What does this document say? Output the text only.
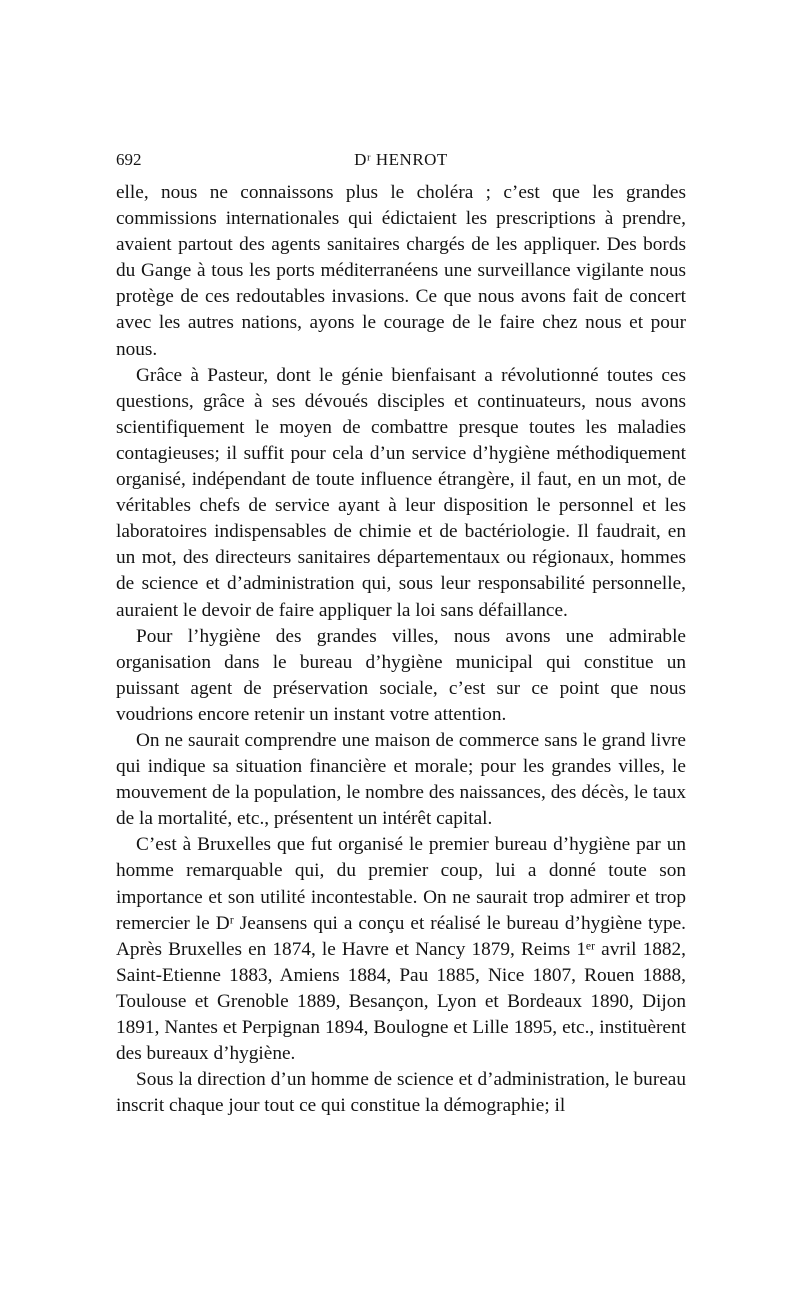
692	Dʳ HENROT

elle, nous ne connaissons plus le choléra ; c’est que les grandes commissions internationales qui édictaient les prescriptions à prendre, avaient partout des agents sanitaires chargés de les appliquer. Des bords du Gange à tous les ports méditerranéens une surveillance vigilante nous protège de ces redoutables invasions. Ce que nous avons fait de concert avec les autres nations, ayons le courage de le faire chez nous et pour nous.

Grâce à Pasteur, dont le génie bienfaisant a révolutionné toutes ces questions, grâce à ses dévoués disciples et continuateurs, nous avons scientifiquement le moyen de combattre presque toutes les maladies contagieuses; il suffit pour cela d’un service d’hygiène méthodiquement organisé, indépendant de toute influence étrangère, il faut, en un mot, de véritables chefs de service ayant à leur disposition le personnel et les laboratoires indispensables de chimie et de bactériologie. Il faudrait, en un mot, des directeurs sanitaires départementaux ou régionaux, hommes de science et d’administration qui, sous leur responsabilité personnelle, auraient le devoir de faire appliquer la loi sans défaillance.

Pour l’hygiène des grandes villes, nous avons une admirable organisation dans le bureau d’hygiène municipal qui constitue un puissant agent de préservation sociale, c’est sur ce point que nous voudrions encore retenir un instant votre attention.

On ne saurait comprendre une maison de commerce sans le grand livre qui indique sa situation financière et morale; pour les grandes villes, le mouvement de la population, le nombre des naissances, des décès, le taux de la mortalité, etc., présentent un intérêt capital.

C’est à Bruxelles que fut organisé le premier bureau d’hygiène par un homme remarquable qui, du premier coup, lui a donné toute son importance et son utilité incontestable. On ne saurait trop admirer et trop remercier le Dʳ Jeansens qui a conçu et réalisé le bureau d’hygiène type. Après Bruxelles en 1874, le Havre et Nancy 1879, Reims 1ᵉʳ avril 1882, Saint-Etienne 1883, Amiens 1884, Pau 1885, Nice 1807, Rouen 1888, Toulouse et Grenoble 1889, Besançon, Lyon et Bordeaux 1890, Dijon 1891, Nantes et Perpignan 1894, Boulogne et Lille 1895, etc., instituèrent des bureaux d’hygiène.

Sous la direction d’un homme de science et d’administration, le bureau inscrit chaque jour tout ce qui constitue la démographie; il
